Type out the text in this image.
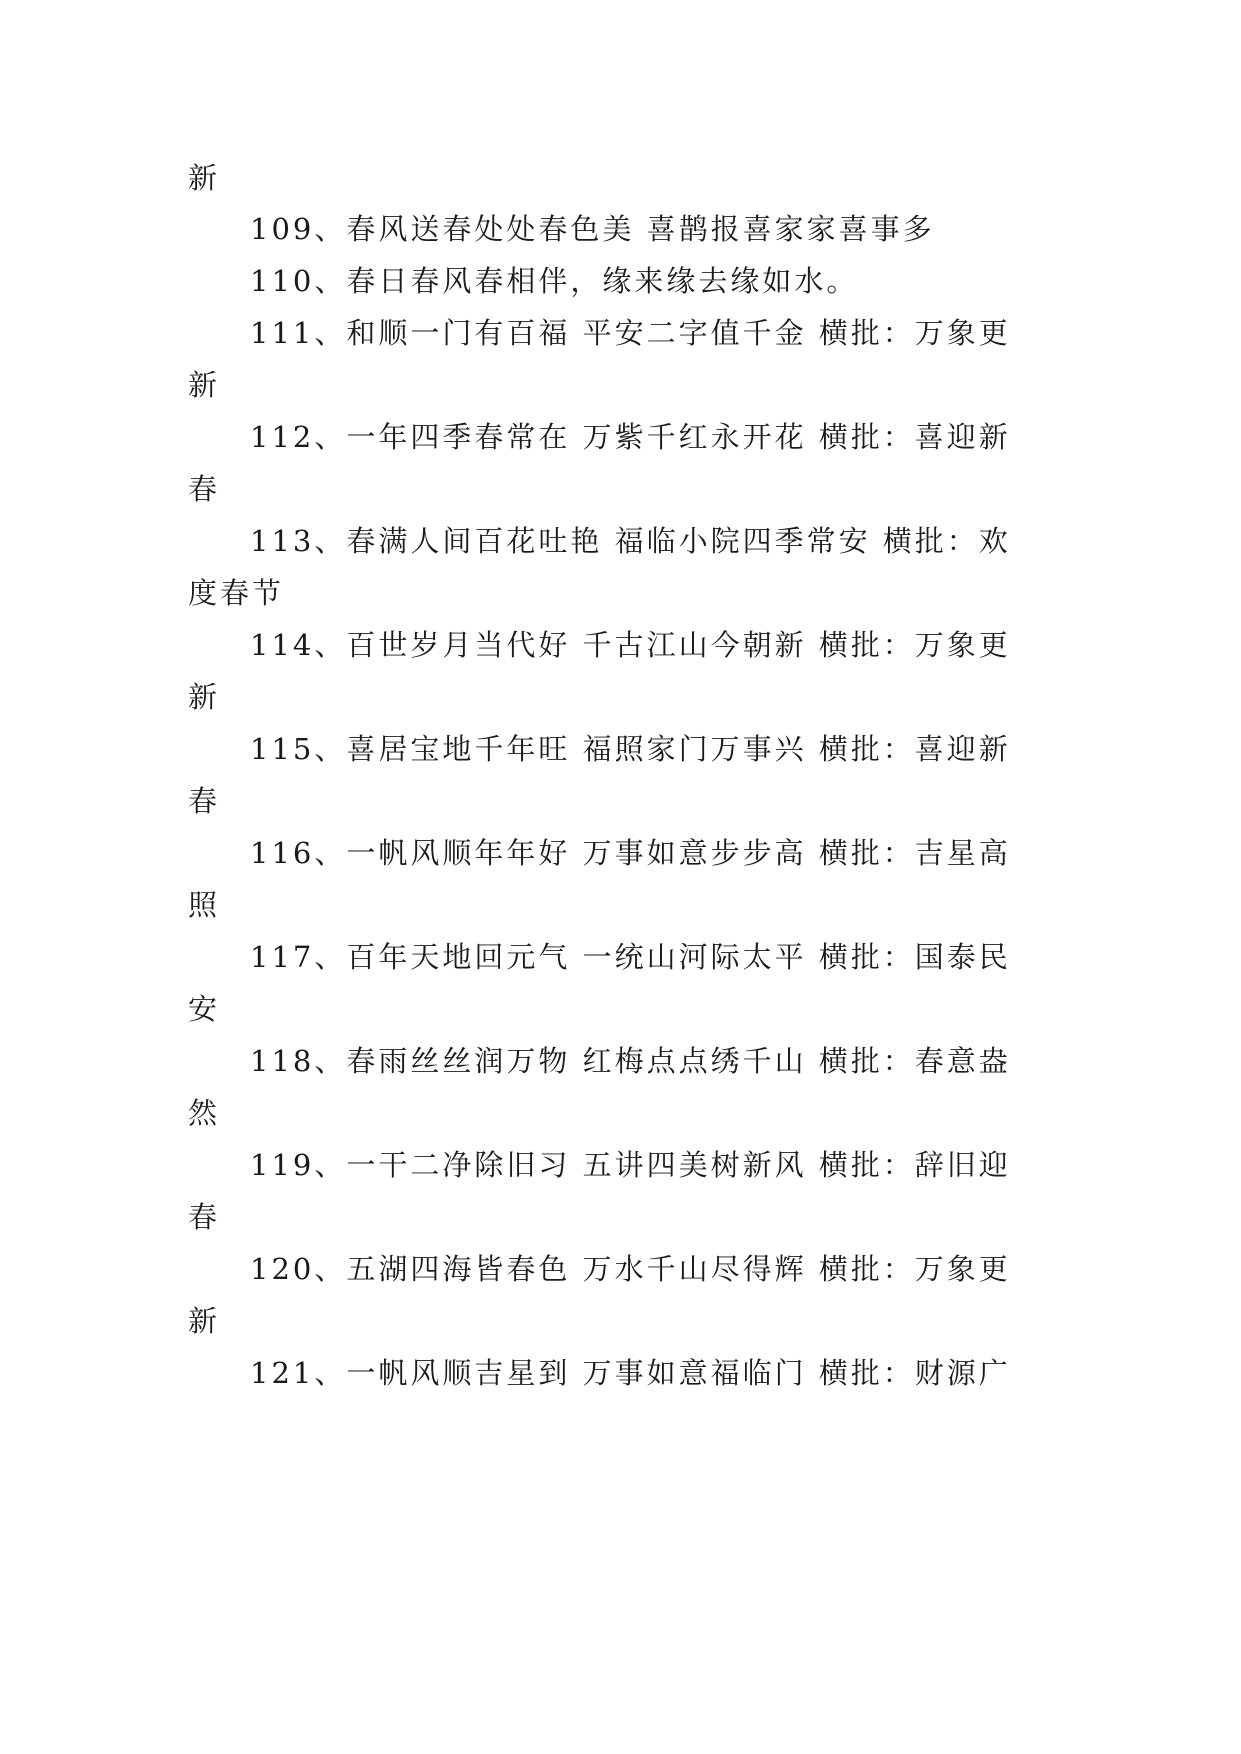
新
109、春风送春处处春色美 喜鹊报喜家家喜事多
110、春日春风春相伴，缘来缘去缘如水。
111、和顺一门有百福 平安二字值千金 横批：万象更
新
112、一年四季春常在 万紫千红永开花 横批：喜迎新
春
113、春满人间百花吐艳 福临小院四季常安 横批：欢
度春节
114、百世岁月当代好 千古江山今朝新 横批：万象更
新
115、喜居宝地千年旺 福照家门万事兴 横批：喜迎新
春
116、一帆风顺年年好 万事如意步步高 横批：吉星高
照
117、百年天地回元气 一统山河际太平 横批：国泰民
安
118、春雨丝丝润万物 红梅点点绣千山 横批：春意盎
然
119、一干二净除旧习 五讲四美树新风 横批：辞旧迎
春
120、五湖四海皆春色 万水千山尽得辉 横批：万象更
新
121、一帆风顺吉星到 万事如意福临门 横批：财源广
